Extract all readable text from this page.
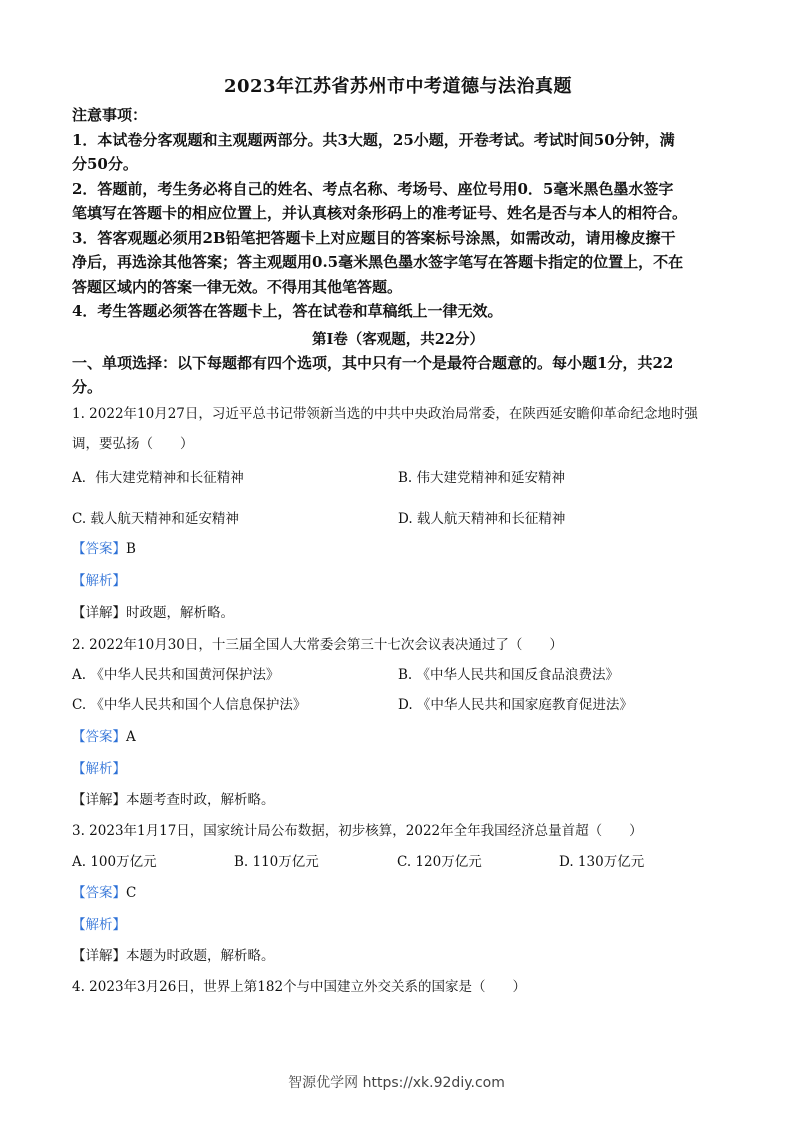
2023年江苏省苏州市中考道德与法治真题

注意事项：

1．本试卷分客观题和主观题两部分。共3大题，25小题，开卷考试。考试时间50分钟，满

分50分。

2．答题前，考生务必将自己的姓名、考点名称、考场号、座位号用0．5毫米黑色墨水签字

笔填写在答题卡的相应位置上，并认真核对条形码上的准考证号、姓名是否与本人的相符合。

3．答客观题必须用2B铅笔把答题卡上对应题目的答案标号涂黑，如需改动，请用橡皮擦干

净后，再选涂其他答案；答主观题用0.5毫米黑色墨水签字笔写在答题卡指定的位置上，不在

答题区域内的答案一律无效。不得用其他笔答题。

4．考生答题必须答在答题卡上，答在试卷和草稿纸上一律无效。

第I卷（客观题，共22分）
一、单项选择：以下每题都有四个选项，其中只有一个是最符合题意的。每小题1分，共22
分。
1. 2022年10月27日，习近平总书记带领新当选的中共中央政治局常委，在陕西延安瞻仰革命纪念地时强
调，要弘扬（　　）
A．伟大建党精神和长征精神	B. 伟大建党精神和延安精神
C. 载人航天精神和延安精神	D. 载人航天精神和长征精神
【答案】B
【解析】
【详解】时政题，解析略。
2. 2022年10月30日，十三届全国人大常委会第三十七次会议表决通过了（　　）
A. 《中华人民共和国黄河保护法》	B. 《中华人民共和国反食品浪费法》
C. 《中华人民共和国个人信息保护法》	D. 《中华人民共和国家庭教育促进法》
【答案】A
【解析】
【详解】本题考查时政，解析略。
3. 2023年1月17日，国家统计局公布数据，初步核算，2022年全年我国经济总量首超（　　）
A. 100万亿元	B. 110万亿元	C. 120万亿元	D. 130万亿元
【答案】C
【解析】
【详解】本题为时政题，解析略。
4. 2023年3月26日，世界上第182个与中国建立外交关系的国家是（　　）
智源优学网 https://xk.92diy.com
